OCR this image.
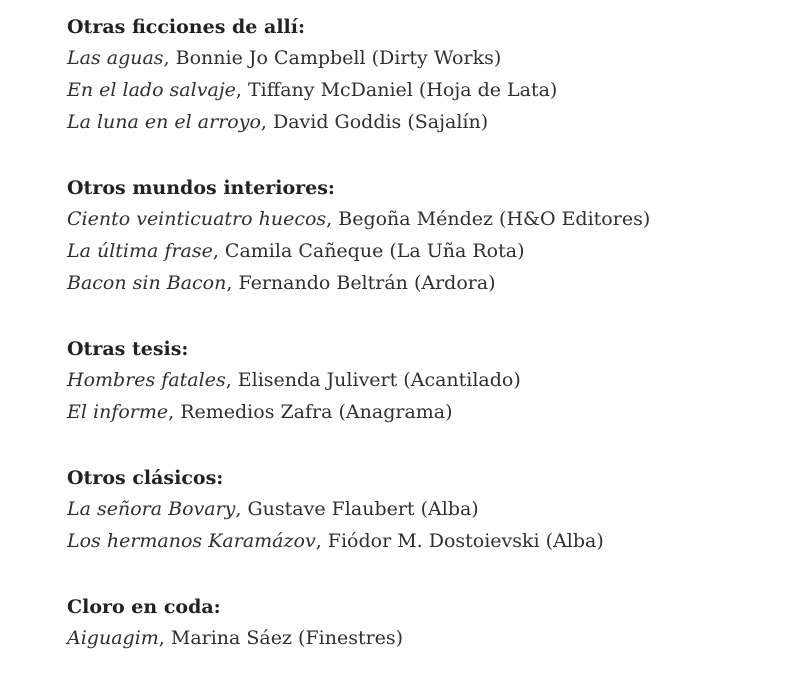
Otras ficciones de allí:
Las aguas, Bonnie Jo Campbell (Dirty Works)
En el lado salvaje, Tiffany McDaniel (Hoja de Lata)
La luna en el arroyo, David Goddis (Sajalín)
Otros mundos interiores:
Ciento veinticuatro huecos, Begoña Méndez (H&O Editores)
La última frase, Camila Cañeque (La Uña Rota)
Bacon sin Bacon, Fernando Beltrán (Ardora)
Otras tesis:
Hombres fatales, Elisenda Julivert (Acantilado)
El informe, Remedios Zafra (Anagrama)
Otros clásicos:
La señora Bovary, Gustave Flaubert (Alba)
Los hermanos Karamázov, Fiódor M. Dostoievski (Alba)
Cloro en coda:
Aiguagim, Marina Sáez (Finestres)
